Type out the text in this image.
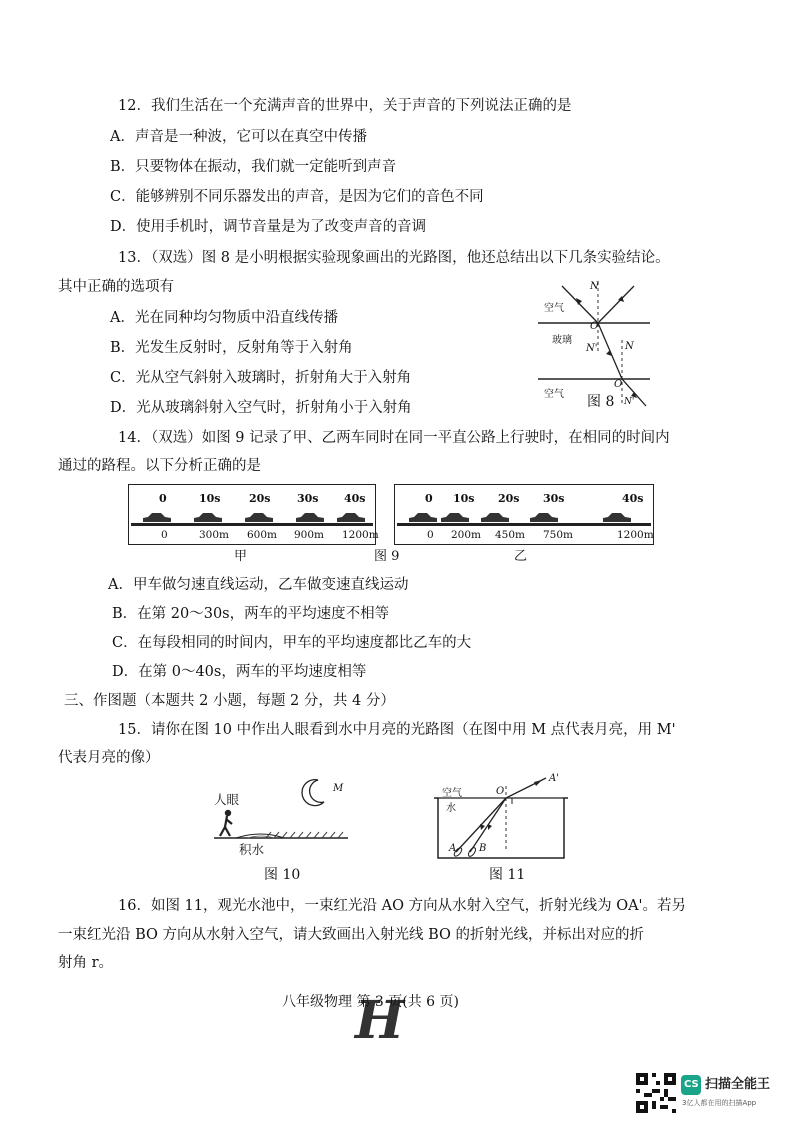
12．我们生活在一个充满声音的世界中，关于声音的下列说法正确的是
A．声音是一种波，它可以在真空中传播
B．只要物体在振动，我们就一定能听到声音
C．能够辨别不同乐器发出的声音，是因为它们的音色不同
D．使用手机时，调节音量是为了改变声音的音调
13．（双选）图 8 是小明根据实验现象画出的光路图，他还总结出以下几条实验结论。
其中正确的选项有
A．光在同种均匀物质中沿直线传播
B．光发生反射时，反射角等于入射角
C．光从空气斜射入玻璃时，折射角大于入射角
D．光从玻璃斜射入空气时，折射角小于入射角
空气
玻璃
空气
N
O
N'	N
O
N'
图 8
14．（双选）如图 9 记录了甲、乙两车同时在同一平直公路上行驶时，在相同的时间内
通过的路程。以下分析正确的是
0	10s	20s 30s 40s
0	300m 600m 900m 1200m
甲
0 10s 20s 30s	40s
0 200m 450m 750m	1200m
乙
图 9
A．甲车做匀速直线运动，乙车做变速直线运动
B．在第 20～30s，两车的平均速度不相等
C．在每段相同的时间内，甲车的平均速度都比乙车的大
D．在第 0～40s，两车的平均速度相等
三、作图题（本题共 2 小题，每题 2 分，共 4 分）
15．请你在图 10 中作出人眼看到水中月亮的光路图（在图中用 M 点代表月亮，用 M'
代表月亮的像）
人眼
M
积水
图 10
空气
水
O
A'
A B
图 11
16．如图 11，观光水池中，一束红光沿 AO 方向从水射入空气，折射光线为 OA'。若另
一束红光沿 BO 方向从水射入空气，请大致画出入射光线 BO 的折射光线，并标出对应的折
射角 r。
H
八年级物理 第 3 页(共 6 页)
CS 扫描全能王
3亿人都在用的扫描App
